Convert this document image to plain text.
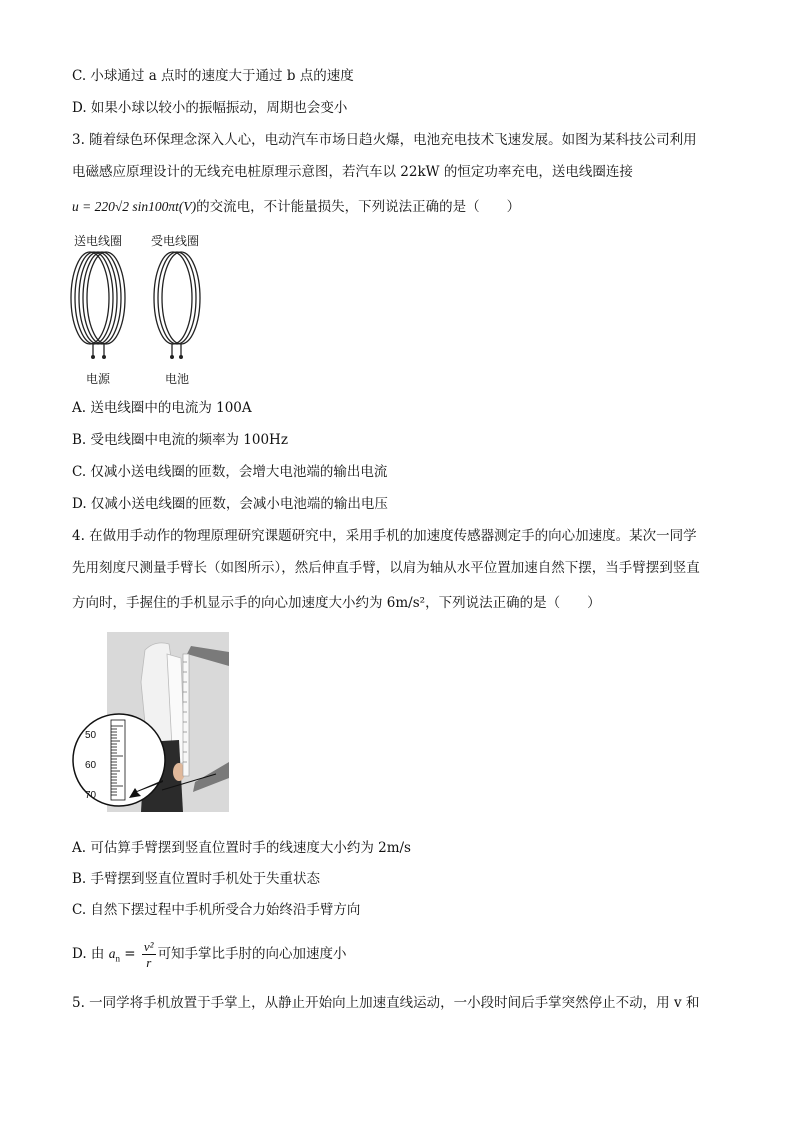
C. 小球通过 a 点时的速度大于通过 b 点的速度
D. 如果小球以较小的振幅振动，周期也会变小
3. 随着绿色环保理念深入人心，电动汽车市场日趋火爆，电池充电技术飞速发展。如图为某科技公司利用
电磁感应原理设计的无线充电桩原理示意图，若汽车以 22kW 的恒定功率充电，送电线圈连接
u = 220√2 sin100πt(V)的交流电，不计能量损失，下列说法正确的是（　　）
送电线圈 受电线圈
电源	电池
A. 送电线圈中的电流为 100A
B. 受电线圈中电流的频率为 100Hz
C. 仅减小送电线圈的匝数，会增大电池端的输出电流
D. 仅减小送电线圈的匝数，会减小电池端的输出电压
4. 在做用手动作的物理原理研究课题研究中，采用手机的加速度传感器测定手的向心加速度。某次一同学
先用刻度尺测量手臂长（如图所示），然后伸直手臂，以肩为轴从水平位置加速自然下摆，当手臂摆到竖直
方向时，手握住的手机显示手的向心加速度大小约为 6m/s²，下列说法正确的是（　　）
50
60
70
A. 可估算手臂摆到竖直位置时手的线速度大小约为 2m/s
B. 手臂摆到竖直位置时手机处于失重状态
C. 自然下摆过程中手机所受合力始终沿手臂方向
D. 由 $a_n = \frac{\text{v²}}{r}$ 可知手掌比手肘的向心加速度小
5. 一同学将手机放置于手掌上，从静止开始向上加速直线运动，一小段时间后手掌突然停止不动，用 v 和
